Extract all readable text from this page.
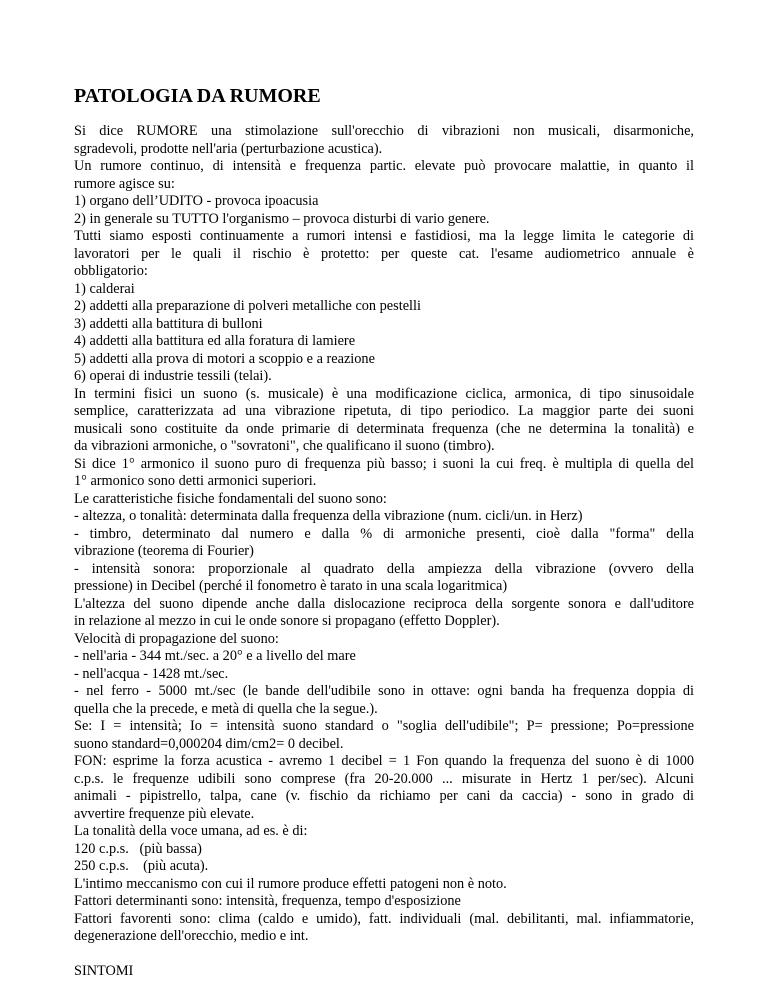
PATOLOGIA DA RUMORE
Si dice RUMORE una stimolazione sull'orecchio di vibrazioni non musicali, disarmoniche,
sgradevoli, prodotte nell'aria (perturbazione acustica).
Un rumore continuo, di intensità e frequenza partic. elevate può provocare malattie, in quanto il
rumore agisce su:
1) organo dell’UDITO - provoca ipoacusia
2) in generale su TUTTO l'organismo – provoca disturbi di vario genere.
Tutti siamo esposti continuamente a rumori intensi e fastidiosi, ma la legge limita le categorie di
lavoratori per le quali il rischio è protetto: per queste cat. l'esame audiometrico annuale è
obbligatorio:
1) calderai
2) addetti alla preparazione di polveri metalliche con pestelli
3) addetti alla battitura di bulloni
4) addetti alla battitura ed alla foratura di lamiere
5) addetti alla prova di motori a scoppio e a reazione
6) operai di industrie tessili (telai).
In termini fisici un suono (s. musicale) è una modificazione ciclica, armonica, di tipo sinusoidale
semplice, caratterizzata ad una vibrazione ripetuta, di tipo periodico. La maggior parte dei suoni
musicali sono costituite da onde primarie di determinata frequenza (che ne determina la tonalità) e
da vibrazioni armoniche, o "sovratoni", che qualificano il suono (timbro).
Si dice 1° armonico il suono puro di frequenza più basso; i suoni la cui freq. è multipla di quella del
1° armonico sono detti armonici superiori.
Le caratteristiche fisiche fondamentali del suono sono:
- altezza, o tonalità: determinata dalla frequenza della vibrazione (num. cicli/un. in Herz)
- timbro, determinato dal numero e dalla % di armoniche presenti, cioè dalla "forma" della
vibrazione (teorema di Fourier)
- intensità sonora: proporzionale al quadrato della ampiezza della vibrazione (ovvero della
pressione) in Decibel (perché il fonometro è tarato in una scala logaritmica)
L'altezza del suono dipende anche dalla dislocazione reciproca della sorgente sonora e dall'uditore
in relazione al mezzo in cui le onde sonore si propagano (effetto Doppler).
Velocità di propagazione del suono:
- nell'aria - 344 mt./sec. a 20° e a livello del mare
- nell'acqua - 1428 mt./sec.
- nel ferro - 5000 mt./sec (le bande dell'udibile sono in ottave: ogni banda ha frequenza doppia di
quella che la precede, e metà di quella che la segue.).
Se: I = intensità; Io = intensità suono standard o "soglia dell'udibile"; P= pressione; Po=pressione
suono standard=0,000204 dim/cm2= 0 decibel.
FON: esprime la forza acustica - avremo 1 decibel = 1 Fon quando la frequenza del suono è di 1000
c.p.s. le frequenze udibili sono comprese (fra 20-20.000 ... misurate in Hertz 1 per/sec). Alcuni
animali - pipistrello, talpa, cane (v. fischio da richiamo per cani da caccia) - sono in grado di
avvertire frequenze più elevate.
La tonalità della voce umana, ad es. è di:
120 c.p.s.   (più bassa)
250 c.p.s.    (più acuta).
L'intimo meccanismo con cui il rumore produce effetti patogeni non è noto.
Fattori determinanti sono: intensità, frequenza, tempo d'esposizione
Fattori favorenti sono: clima (caldo e umido), fatt. individuali (mal. debilitanti, mal. infiammatorie,
degenerazione dell'orecchio, medio e int.
SINTOMI
